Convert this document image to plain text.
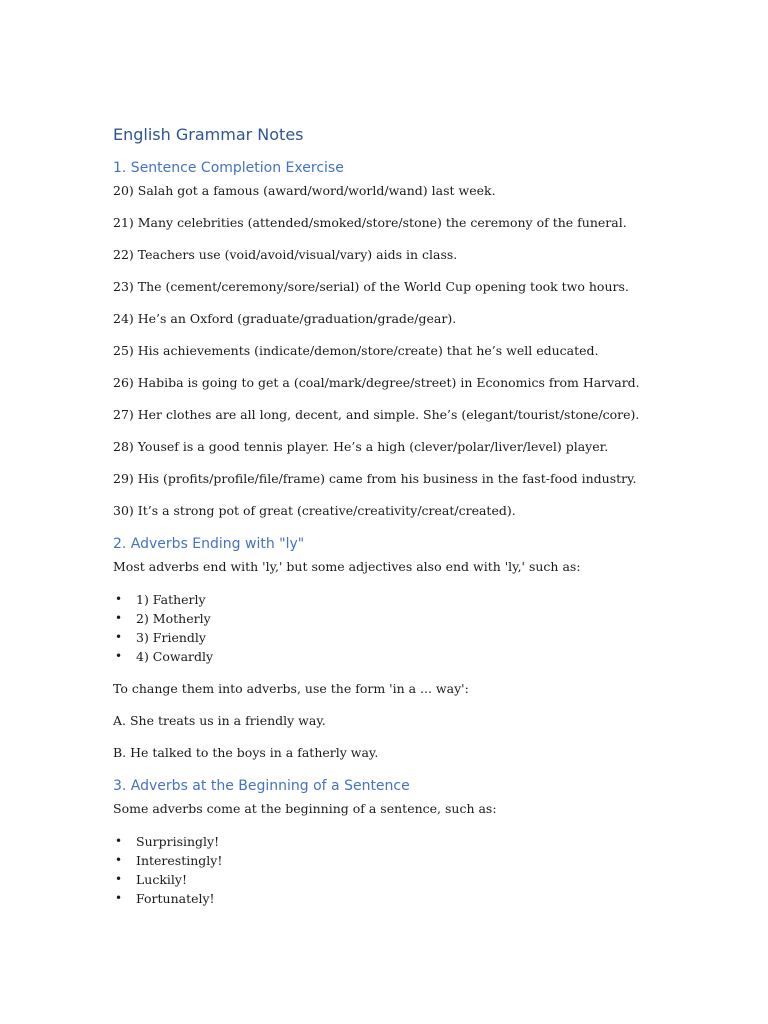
English Grammar Notes
1. Sentence Completion Exercise

20) Salah got a famous (award/word/world/wand) last week.

21) Many celebrities (attended/smoked/store/stone) the ceremony of the funeral.

22) Teachers use (void/avoid/visual/vary) aids in class.

23) The (cement/ceremony/sore/serial) of the World Cup opening took two hours.

24) He’s an Oxford (graduate/graduation/grade/gear).

25) His achievements (indicate/demon/store/create) that he’s well educated.

26) Habiba is going to get a (coal/mark/degree/street) in Economics from Harvard.

27) Her clothes are all long, decent, and simple. She’s (elegant/tourist/stone/core).

28) Yousef is a good tennis player. He’s a high (clever/polar/liver/level) player.

29) His (profits/profile/file/frame) came from his business in the fast-food industry.

30) It’s a strong pot of great (creative/creativity/creat/created).

2. Adverbs Ending with "ly"

Most adverbs end with 'ly,' but some adjectives also end with 'ly,' such as:

• 1) Fatherly
• 2) Motherly
• 3) Friendly
• 4) Cowardly

To change them into adverbs, use the form 'in a ... way':

A. She treats us in a friendly way.

B. He talked to the boys in a fatherly way.

3. Adverbs at the Beginning of a Sentence

Some adverbs come at the beginning of a sentence, such as:

• Surprisingly!
• Interestingly!
• Luckily!
• Fortunately!
